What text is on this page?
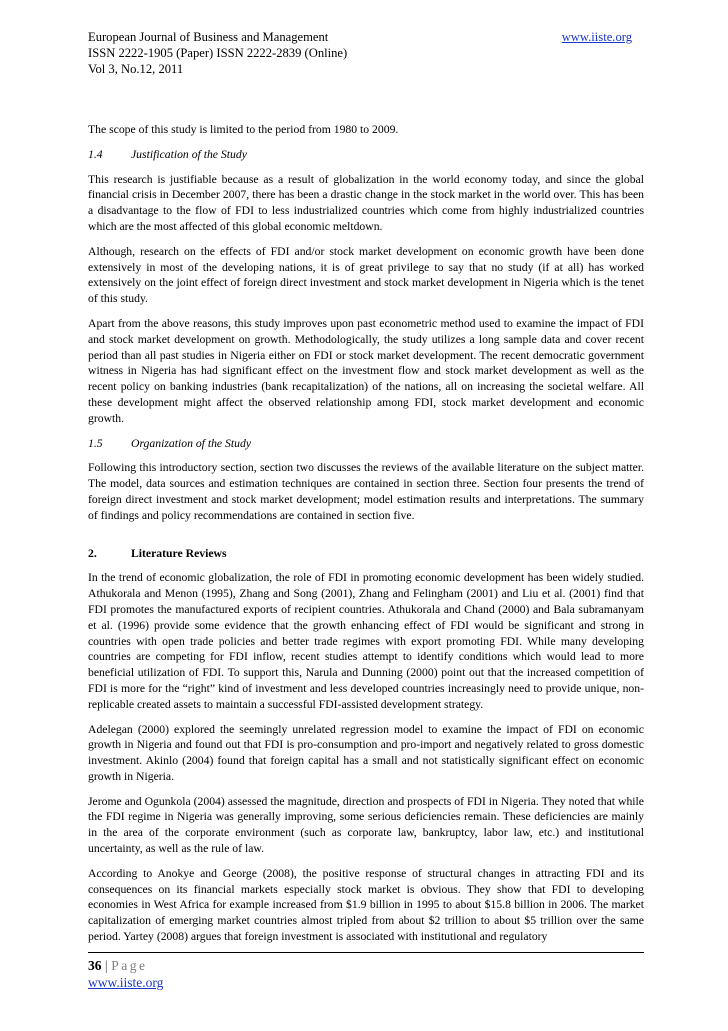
European Journal of Business and Management	www.iiste.org
ISSN 2222-1905 (Paper) ISSN 2222-2839 (Online)
Vol 3, No.12, 2011

The scope of this study is limited to the period from 1980 to 2009.

1.4	Justification of the Study

This research is justifiable because as a result of globalization in the world economy today, and since the global financial crisis in December 2007, there has been a drastic change in the stock market in the world over. This has been a disadvantage to the flow of FDI to less industrialized countries which come from highly industrialized countries which are the most affected of this global economic meltdown.

Although, research on the effects of FDI and/or stock market development on economic growth have been done extensively in most of the developing nations, it is of great privilege to say that no study (if at all) has worked extensively on the joint effect of foreign direct investment and stock market development in Nigeria which is the tenet of this study.

Apart from the above reasons, this study improves upon past econometric method used to examine the impact of FDI and stock market development on growth. Methodologically, the study utilizes a long sample data and cover recent period than all past studies in Nigeria either on FDI or stock market development. The recent democratic government witness in Nigeria has had significant effect on the investment flow and stock market development as well as the recent policy on banking industries (bank recapitalization) of the nations, all on increasing the societal welfare. All these development might affect the observed relationship among FDI, stock market development and economic growth.

1.5	Organization of the Study

Following this introductory section, section two discusses the reviews of the available literature on the subject matter. The model, data sources and estimation techniques are contained in section three. Section four presents the trend of foreign direct investment and stock market development; model estimation results and interpretations. The summary of findings and policy recommendations are contained in section five.

2.	Literature Reviews

In the trend of economic globalization, the role of FDI in promoting economic development has been widely studied. Athukorala and Menon (1995), Zhang and Song (2001), Zhang and Felingham (2001) and Liu et al. (2001) find that FDI promotes the manufactured exports of recipient countries. Athukorala and Chand (2000) and Bala subramanyam et al. (1996) provide some evidence that the growth enhancing effect of FDI would be significant and strong in countries with open trade policies and better trade regimes with export promoting FDI. While many developing countries are competing for FDI inflow, recent studies attempt to identify conditions which would lead to more beneficial utilization of FDI. To support this, Narula and Dunning (2000) point out that the increased competition of FDI is more for the “right” kind of investment and less developed countries increasingly need to provide unique, non-replicable created assets to maintain a successful FDI-assisted development strategy.

Adelegan (2000) explored the seemingly unrelated regression model to examine the impact of FDI on economic growth in Nigeria and found out that FDI is pro-consumption and pro-import and negatively related to gross domestic investment. Akinlo (2004) found that foreign capital has a small and not statistically significant effect on economic growth in Nigeria.

Jerome and Ogunkola (2004) assessed the magnitude, direction and prospects of FDI in Nigeria. They noted that while the FDI regime in Nigeria was generally improving, some serious deficiencies remain. These deficiencies are mainly in the area of the corporate environment (such as corporate law, bankruptcy, labor law, etc.) and institutional uncertainty, as well as the rule of law.

According to Anokye and George (2008), the positive response of structural changes in attracting FDI and its consequences on its financial markets especially stock market is obvious. They show that FDI to developing economies in West Africa for example increased from $1.9 billion in 1995 to about $15.8 billion in 2006. The market capitalization of emerging market countries almost tripled from about $2 trillion to about $5 trillion over the same period. Yartey (2008) argues that foreign investment is associated with institutional and regulatory

36 | Page
www.iiste.org
